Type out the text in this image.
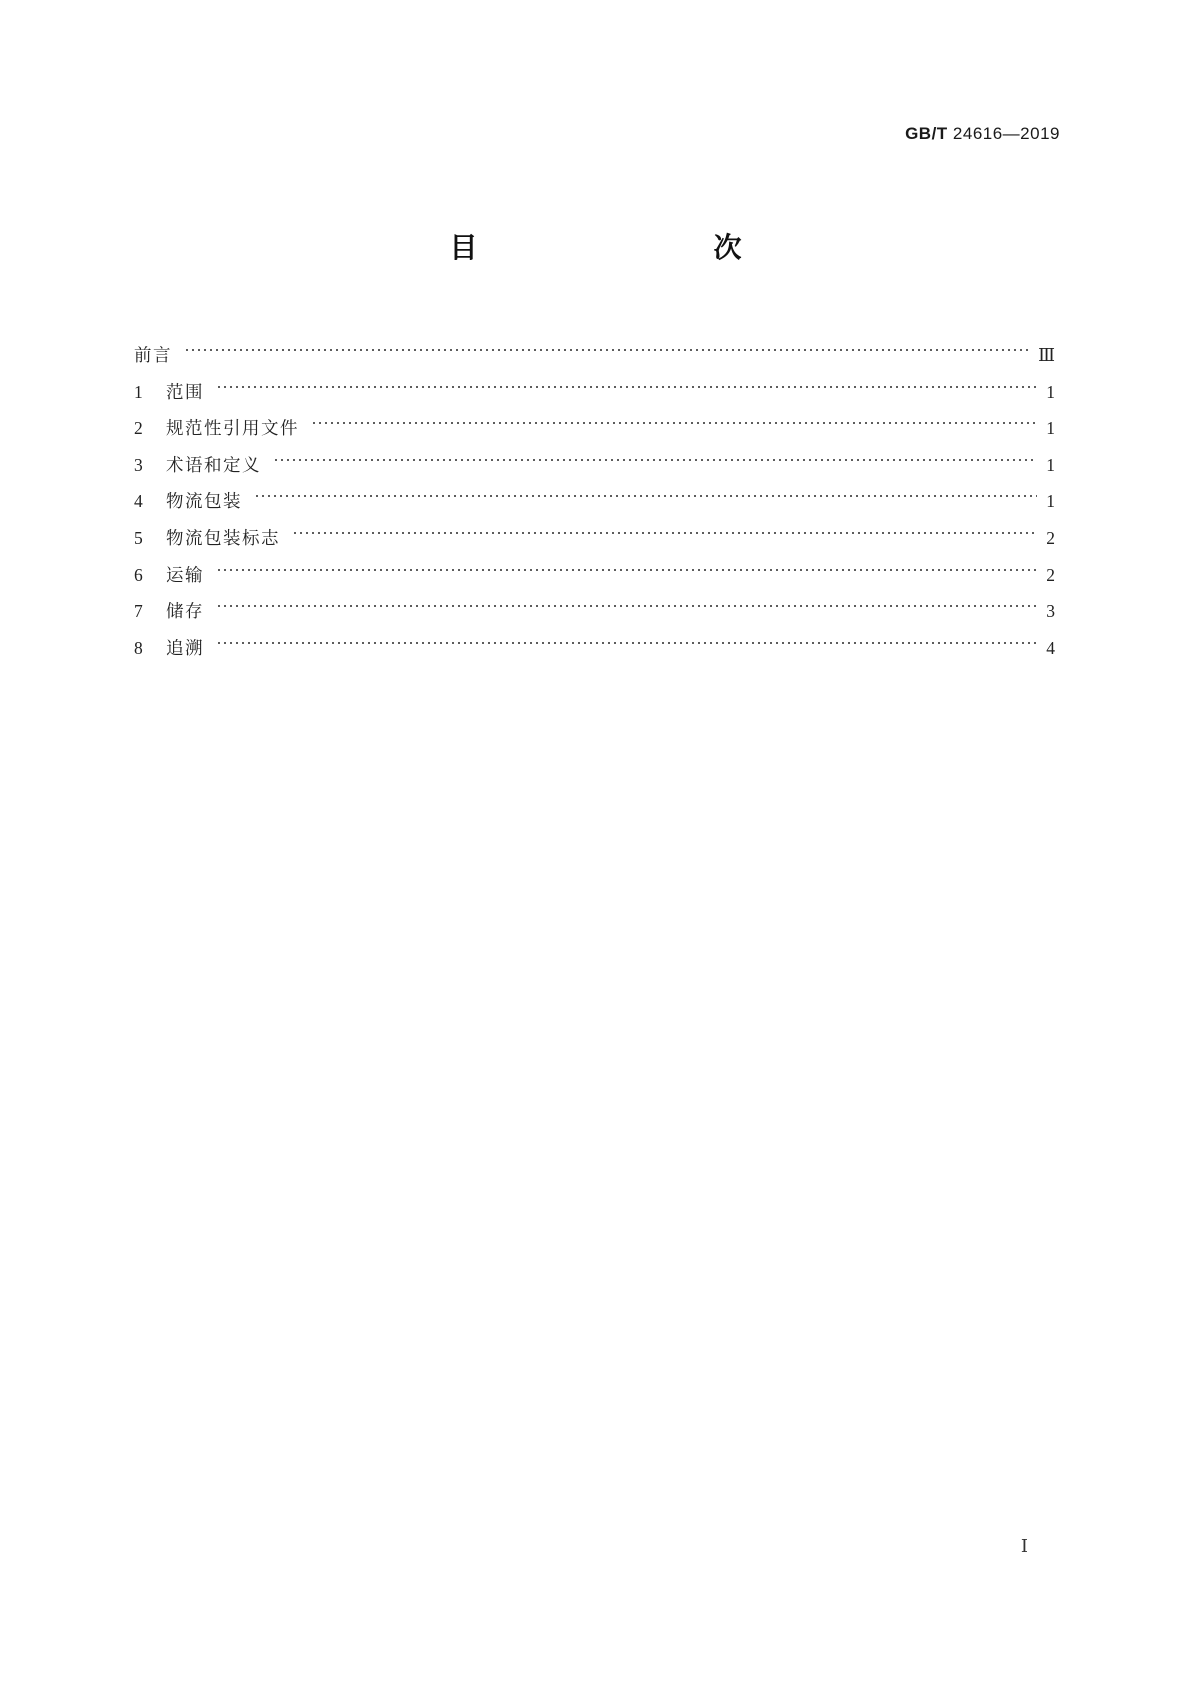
GB/T 24616—2019
目　　次
前言	Ⅲ
1	范围	1
2	规范性引用文件	1
3	术语和定义	1
4	物流包装	1
5	物流包装标志	2
6	运输	2
7	储存	3
8	追溯	4
Ⅰ
